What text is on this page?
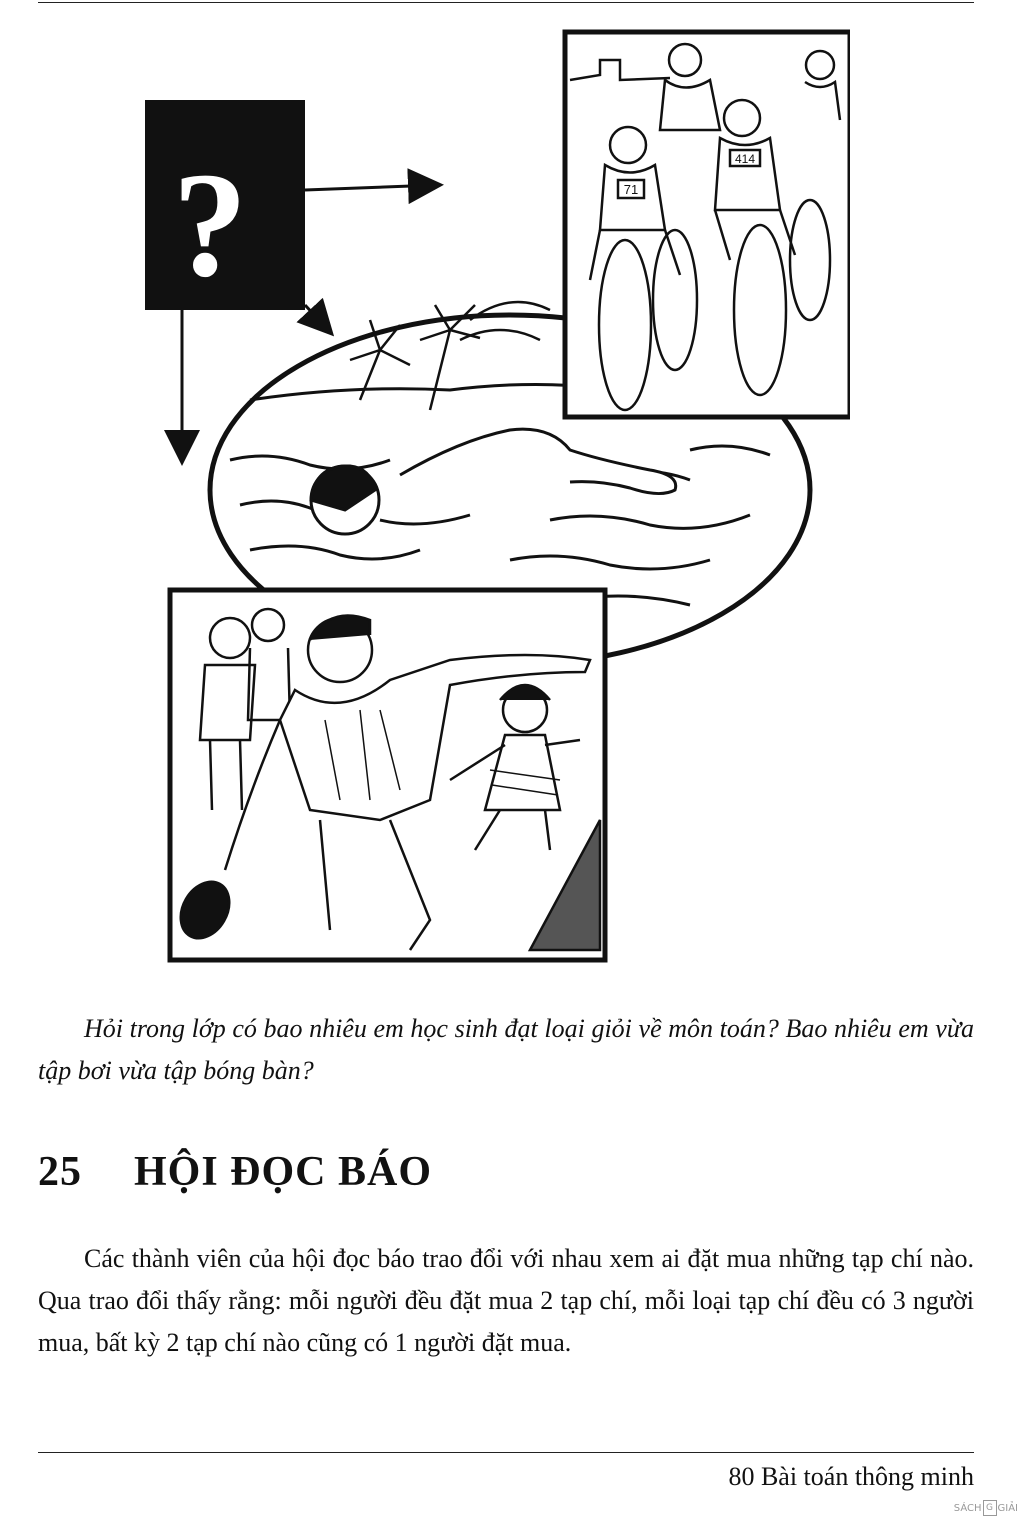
?	71
414

Hỏi trong lớp có bao nhiêu em học sinh đạt loại giỏi về môn toán? Bao nhiêu em vừa tập bơi vừa tập bóng bàn?

25 HỘI ĐỌC BÁO

Các thành viên của hội đọc báo trao đổi với nhau xem ai đặt mua những tạp chí nào. Qua trao đổi thấy rằng: mỗi người đều đặt mua 2 tạp chí, mỗi loại tạp chí đều có 3 người mua, bất kỳ 2 tạp chí nào cũng có 1 người đặt mua.

80 Bài toán thông minh
SÁCH G GIẢI
